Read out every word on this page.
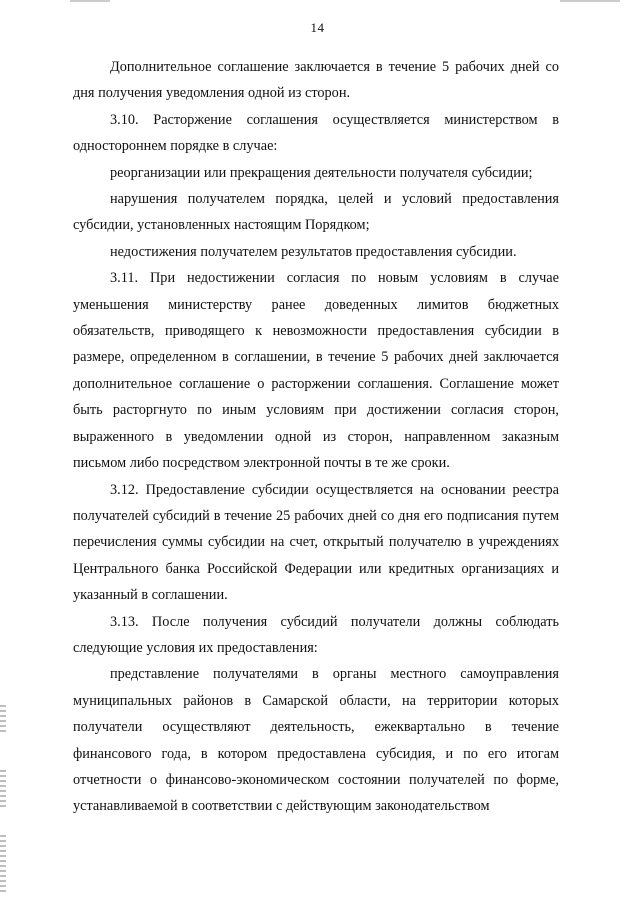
14

Дополнительное соглашение заключается в течение 5 рабочих дней со дня получения уведомления одной из сторон.

3.10. Расторжение соглашения осуществляется министерством в одностороннем порядке в случае:

реорганизации или прекращения деятельности получателя субсидии;

нарушения получателем порядка, целей и условий предоставления субсидии, установленных настоящим Порядком;

недостижения получателем результатов предоставления субсидии.

3.11. При недостижении согласия по новым условиям в случае уменьшения министерству ранее доведенных лимитов бюджетных обязательств, приводящего к невозможности предоставления субсидии в размере, определенном в соглашении, в течение 5 рабочих дней заключается дополнительное соглашение о расторжении соглашения. Соглашение может быть расторгнуто по иным условиям при достижении согласия сторон, выраженного в уведомлении одной из сторон, направленном заказным письмом либо посредством электронной почты в те же сроки.

3.12. Предоставление субсидии осуществляется на основании реестра получателей субсидий в течение 25 рабочих дней со дня его подписания путем перечисления суммы субсидии на счет, открытый получателю в учреждениях Центрального банка Российской Федерации или кредитных организациях и указанный в соглашении.

3.13. После получения субсидий получатели должны соблюдать следующие условия их предоставления:

представление получателями в органы местного самоуправления муниципальных районов в Самарской области, на территории которых получатели осуществляют деятельность, ежеквартально в течение финансового года, в котором предоставлена субсидия, и по его итогам отчетности о финансово-экономическом состоянии получателей по форме, устанавливаемой в соответствии с действующим законодательством
